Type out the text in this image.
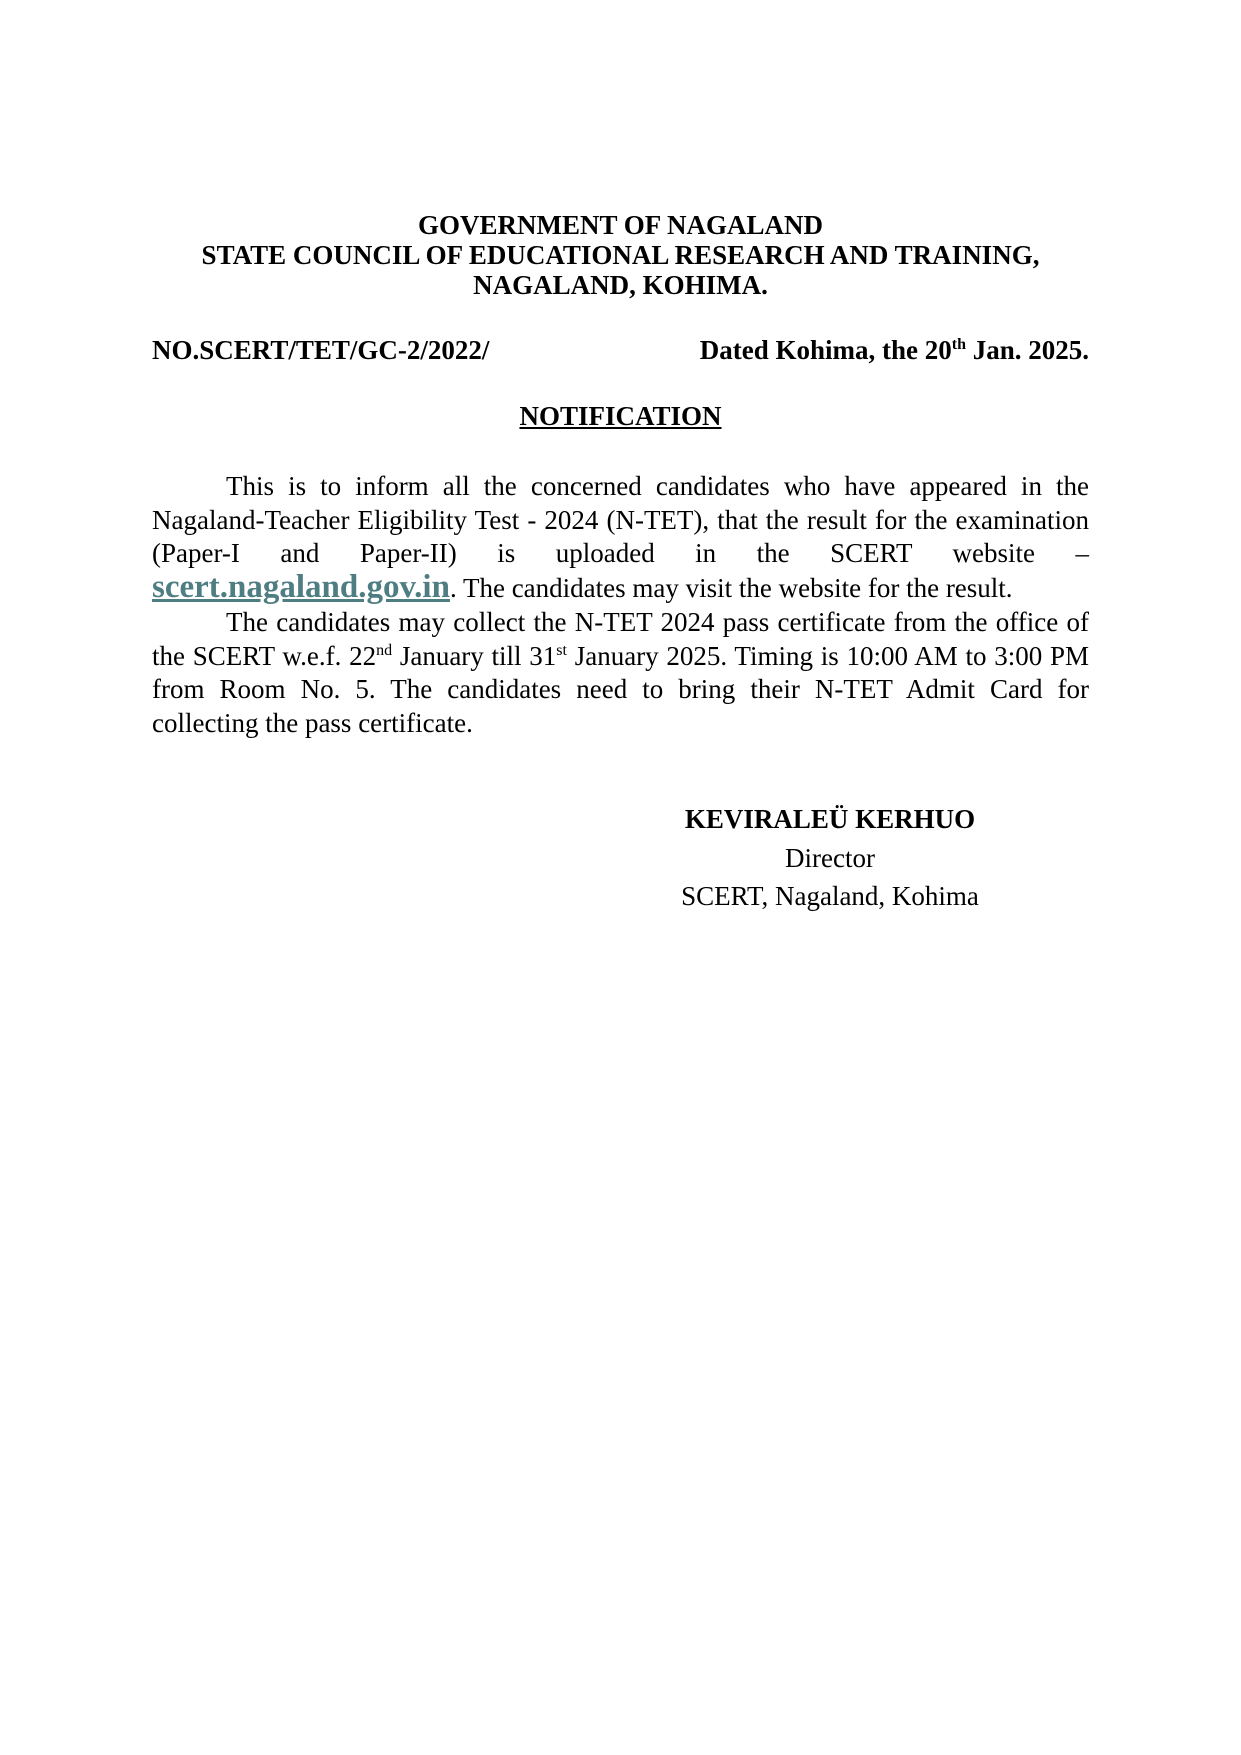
GOVERNMENT OF NAGALAND
STATE COUNCIL OF EDUCATIONAL RESEARCH AND TRAINING,
NAGALAND, KOHIMA.
NO.SCERT/TET/GC-2/2022/	Dated Kohima, the 20th Jan. 2025.
NOTIFICATION
This is to inform all the concerned candidates who have appeared in the Nagaland-Teacher Eligibility Test - 2024 (N-TET), that the result for the examination (Paper-I and Paper-II) is uploaded in the SCERT website – scert.nagaland.gov.in. The candidates may visit the website for the result.
The candidates may collect the N-TET 2024 pass certificate from the office of the SCERT w.e.f. 22nd January till 31st January 2025. Timing is 10:00 AM to 3:00 PM from Room No. 5. The candidates need to bring their N-TET Admit Card for collecting the pass certificate.
KEVIRALEÜ KERHUO
Director
SCERT, Nagaland, Kohima
